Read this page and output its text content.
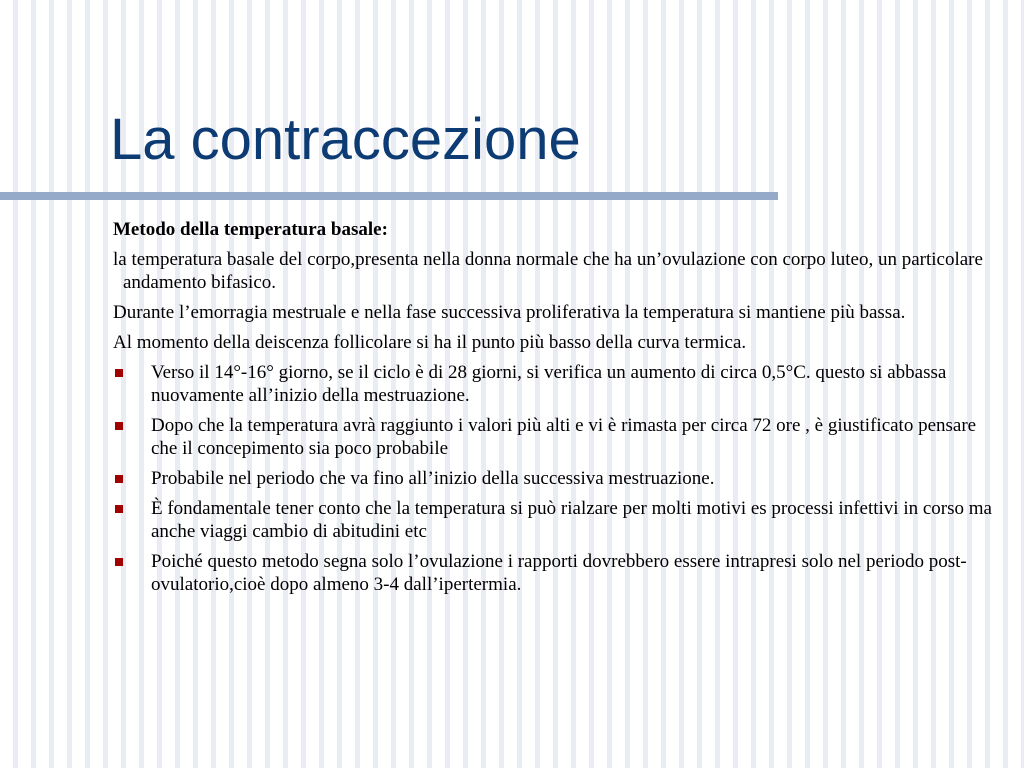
La contraccezione

Metodo della temperatura basale:

la temperatura basale del corpo,presenta nella donna normale che ha un’ovulazione con corpo luteo, un particolare andamento bifasico.

Durante l’emorragia mestruale e nella fase successiva proliferativa la temperatura si mantiene più bassa.

Al momento della deiscenza follicolare si ha il punto più basso della curva termica.

Verso il 14°-16° giorno, se il ciclo è di 28 giorni, si verifica un aumento di circa 0,5°C. questo si abbassa nuovamente all’inizio della mestruazione.
Dopo che la temperatura avrà raggiunto i valori più alti e vi è rimasta per circa 72 ore , è giustificato pensare che il concepimento sia poco probabile
Probabile nel periodo che va fino all’inizio della successiva mestruazione.
È fondamentale tener conto che la temperatura si può rialzare per molti motivi es processi infettivi in corso ma anche viaggi cambio di abitudini etc
Poiché questo metodo segna solo l’ovulazione i rapporti dovrebbero essere intrapresi solo nel periodo post-ovulatorio,cioè dopo almeno 3-4 dall’ipertermia.
